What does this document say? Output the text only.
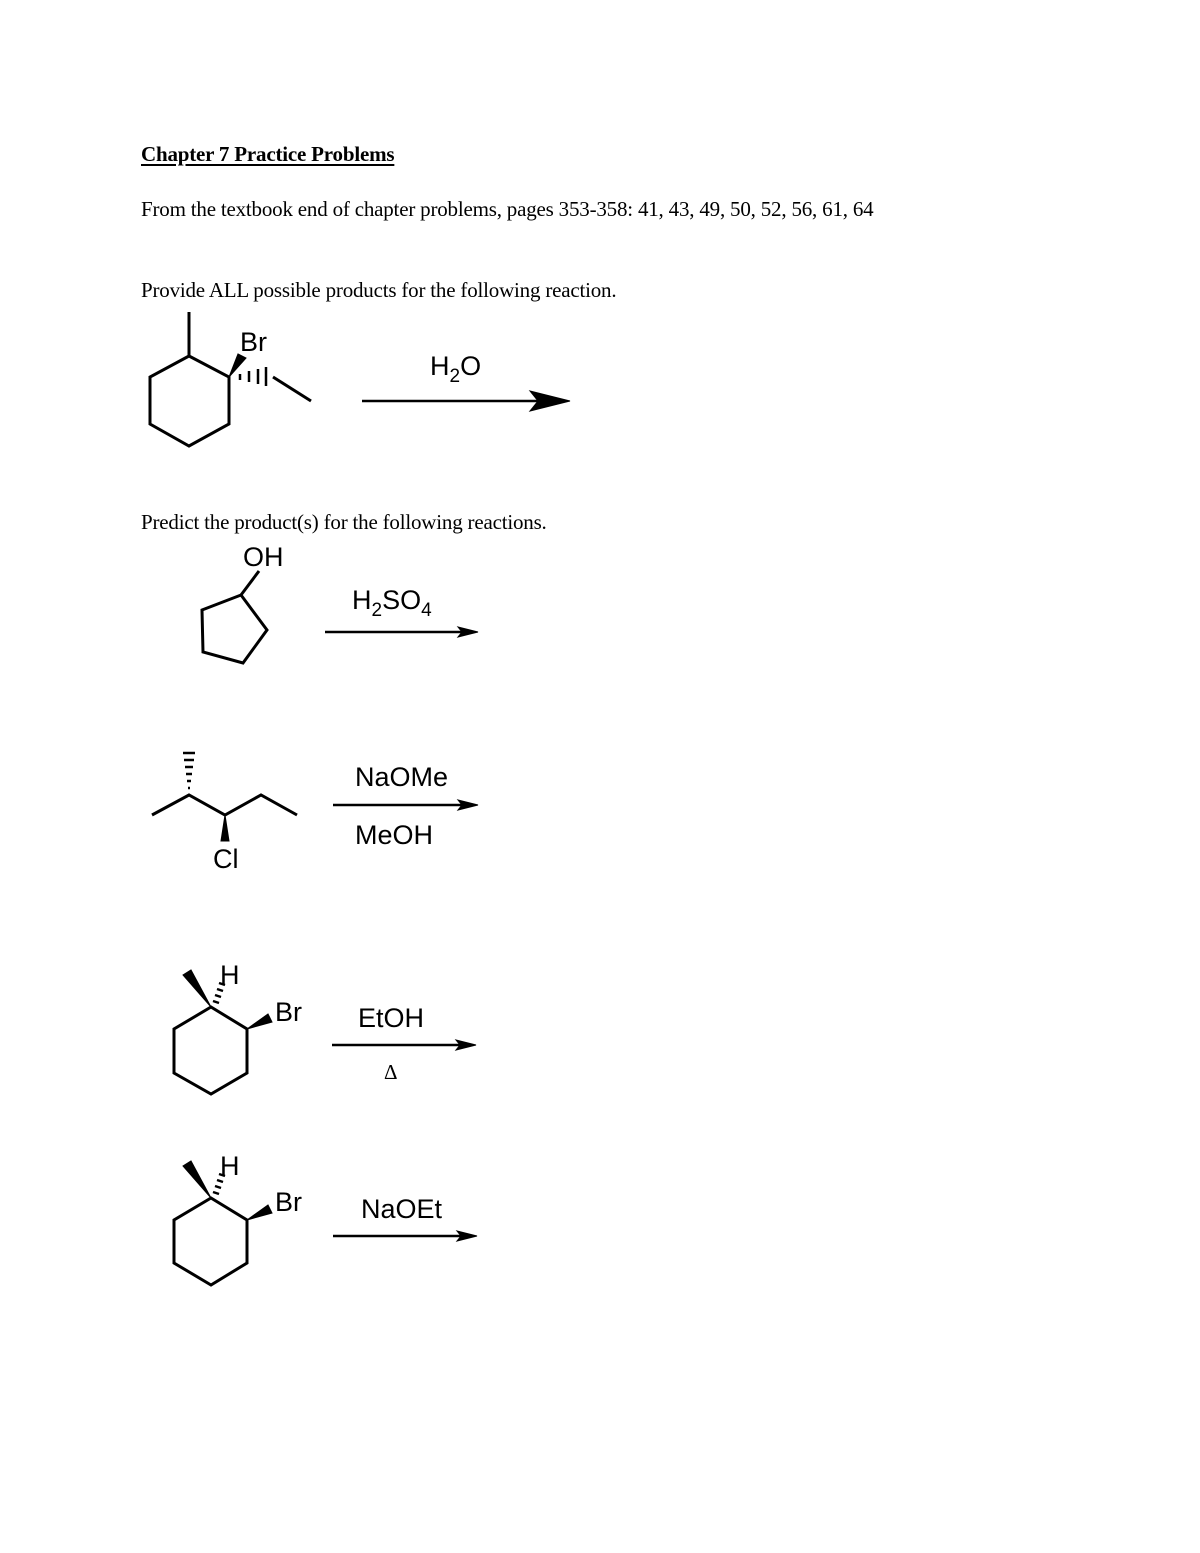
Chapter 7 Practice Problems
From the textbook end of chapter problems, pages 353-358: 41, 43, 49, 50, 52, 56, 61, 64
Provide ALL possible products for the following reaction.
Predict the product(s) for the following reactions.
Br
$H_2O$
OH
$H_2SO_4$
Cl
NaOMe
MeOH
H
Br EtOH
Δ
H
Br NaOEt
